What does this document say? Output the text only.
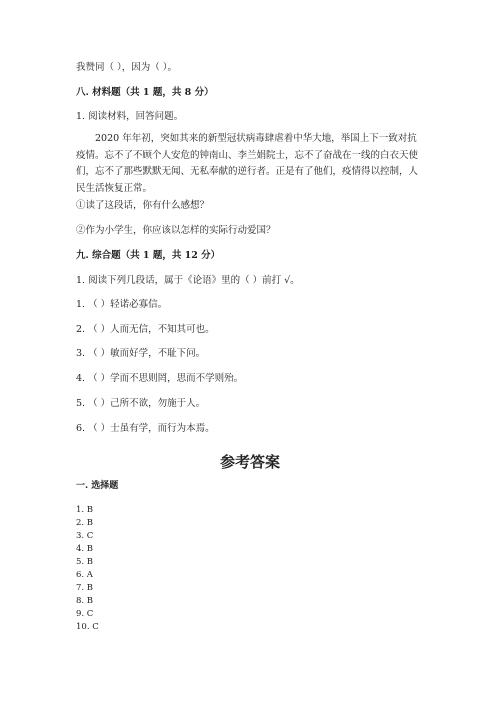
我赞同（ ），因为（ ）。
八. 材料题（共 1 题，共 8 分）
1. 阅读材料，回答问题。
　　2020 年年初，突如其来的新型冠状病毒肆虐着中华大地，举国上下一致对抗疫情。忘不了不顾个人安危的钟南山、李兰娟院士，忘不了奋战在一线的白衣天使们，忘不了那些默默无闻、无私奉献的逆行者。正是有了他们，疫情得以控制，人民生活恢复正常。
①读了这段话，你有什么感想？
②作为小学生，你应该以怎样的实际行动爱国？
九. 综合题（共 1 题，共 12 分）
1. 阅读下列几段话，属于《论语》里的（ ）前打 √。
1. （ ）轻诺必寡信。
2. （ ）人而无信，不知其可也。
3. （ ）敏而好学，不耻下问。
4. （ ）学而不思则罔，思而不学则殆。
5. （ ）己所不欲，勿施于人。
6. （ ）士虽有学，而行为本焉。
参考答案
一. 选择题
1. B
2. B
3. C
4. B
5. B
6. A
7. B
8. B
9. C
10. C
